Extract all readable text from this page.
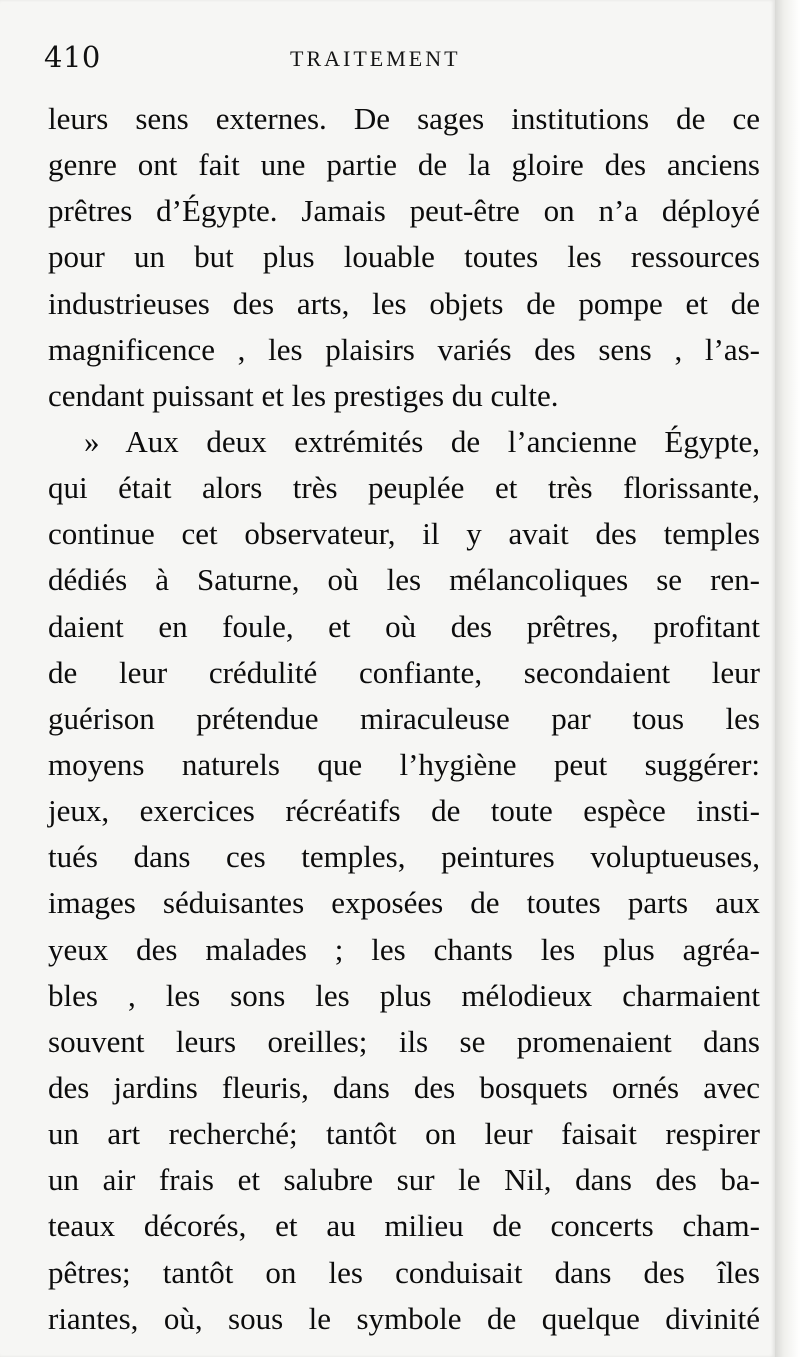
410	TRAITEMENT
leurs sens externes. De sages institutions de ce
genre ont fait une partie de la gloire des anciens
prêtres d’Égypte. Jamais peut-être on n’a déployé
pour un but plus louable toutes les ressources
industrieuses des arts, les objets de pompe et de
magnificence , les plaisirs variés des sens , l’as-
cendant puissant et les prestiges du culte.
» Aux deux extrémités de l’ancienne Égypte,
qui était alors très peuplée et très florissante,
continue cet observateur, il y avait des temples
dédiés à Saturne, où les mélancoliques se ren-
daient en foule, et où des prêtres, profitant
de leur crédulité confiante, secondaient leur
guérison prétendue miraculeuse par tous les
moyens naturels que l’hygiène peut suggérer:
jeux, exercices récréatifs de toute espèce insti-
tués dans ces temples, peintures voluptueuses,
images séduisantes exposées de toutes parts aux
yeux des malades ; les chants les plus agréa-
bles , les sons les plus mélodieux charmaient
souvent leurs oreilles; ils se promenaient dans
des jardins fleuris, dans des bosquets ornés avec
un art recherché; tantôt on leur faisait respirer
un air frais et salubre sur le Nil, dans des ba-
teaux décorés, et au milieu de concerts cham-
pêtres; tantôt on les conduisait dans des îles
riantes, où, sous le symbole de quelque divinité
